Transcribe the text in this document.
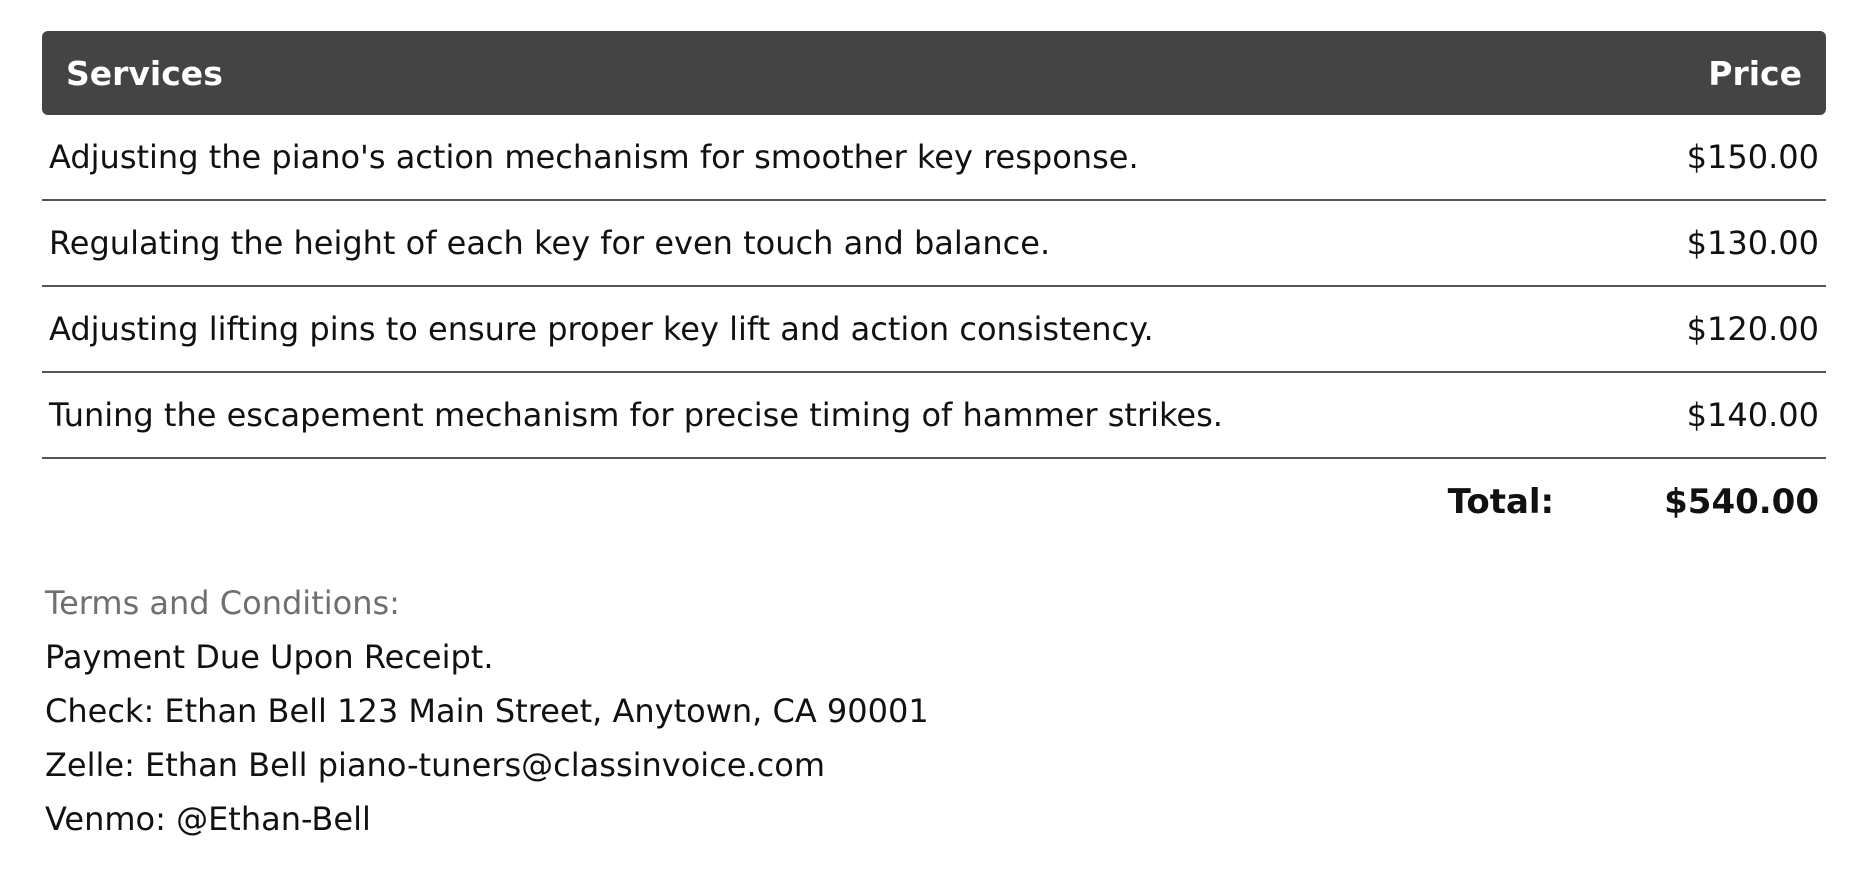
Services	Price
Adjusting the piano's action mechanism for smoother key response.	$150.00
Regulating the height of each key for even touch and balance.	$130.00
Adjusting lifting pins to ensure proper key lift and action consistency.	$120.00
Tuning the escapement mechanism for precise timing of hammer strikes.	$140.00
Total:	$540.00
Terms and Conditions:
Payment Due Upon Receipt.
Check: Ethan Bell 123 Main Street, Anytown, CA 90001
Zelle: Ethan Bell piano-tuners@classinvoice.com
Venmo: @Ethan-Bell
